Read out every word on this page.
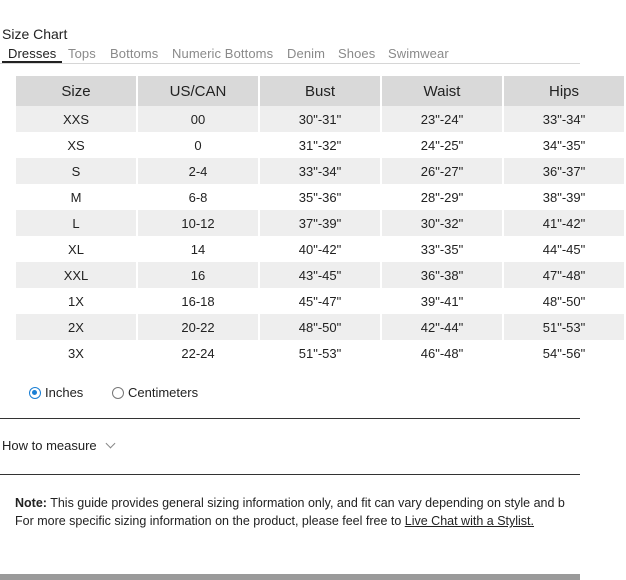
Size Chart
Dresses Tops Bottoms Numeric Bottoms Denim Shoes Swimwear
Size	US/CAN	Bust	Waist	Hips
XXS	00	30"-31"	23"-24"	33"-34"
XS	0	31"-32"	24"-25"	34"-35"
S	2-4	33"-34"	26"-27"	36"-37"
M	6-8	35"-36"	28"-29"	38"-39"
L	10-12	37"-39"	30"-32"	41"-42"
XL	14	40"-42"	33"-35"	44"-45"
XXL	16	43"-45"	36"-38"	47"-48"
1X	16-18	45"-47"	39"-41"	48"-50"
2X	20-22	48"-50"	42"-44"	51"-53"
3X	22-24	51"-53"	46"-48"	54"-56"
Inches	Centimeters
How to measure
Note: This guide provides general sizing information only, and fit can vary depending on style and b
For more specific sizing information on the product, please feel free to Live Chat with a Stylist.
